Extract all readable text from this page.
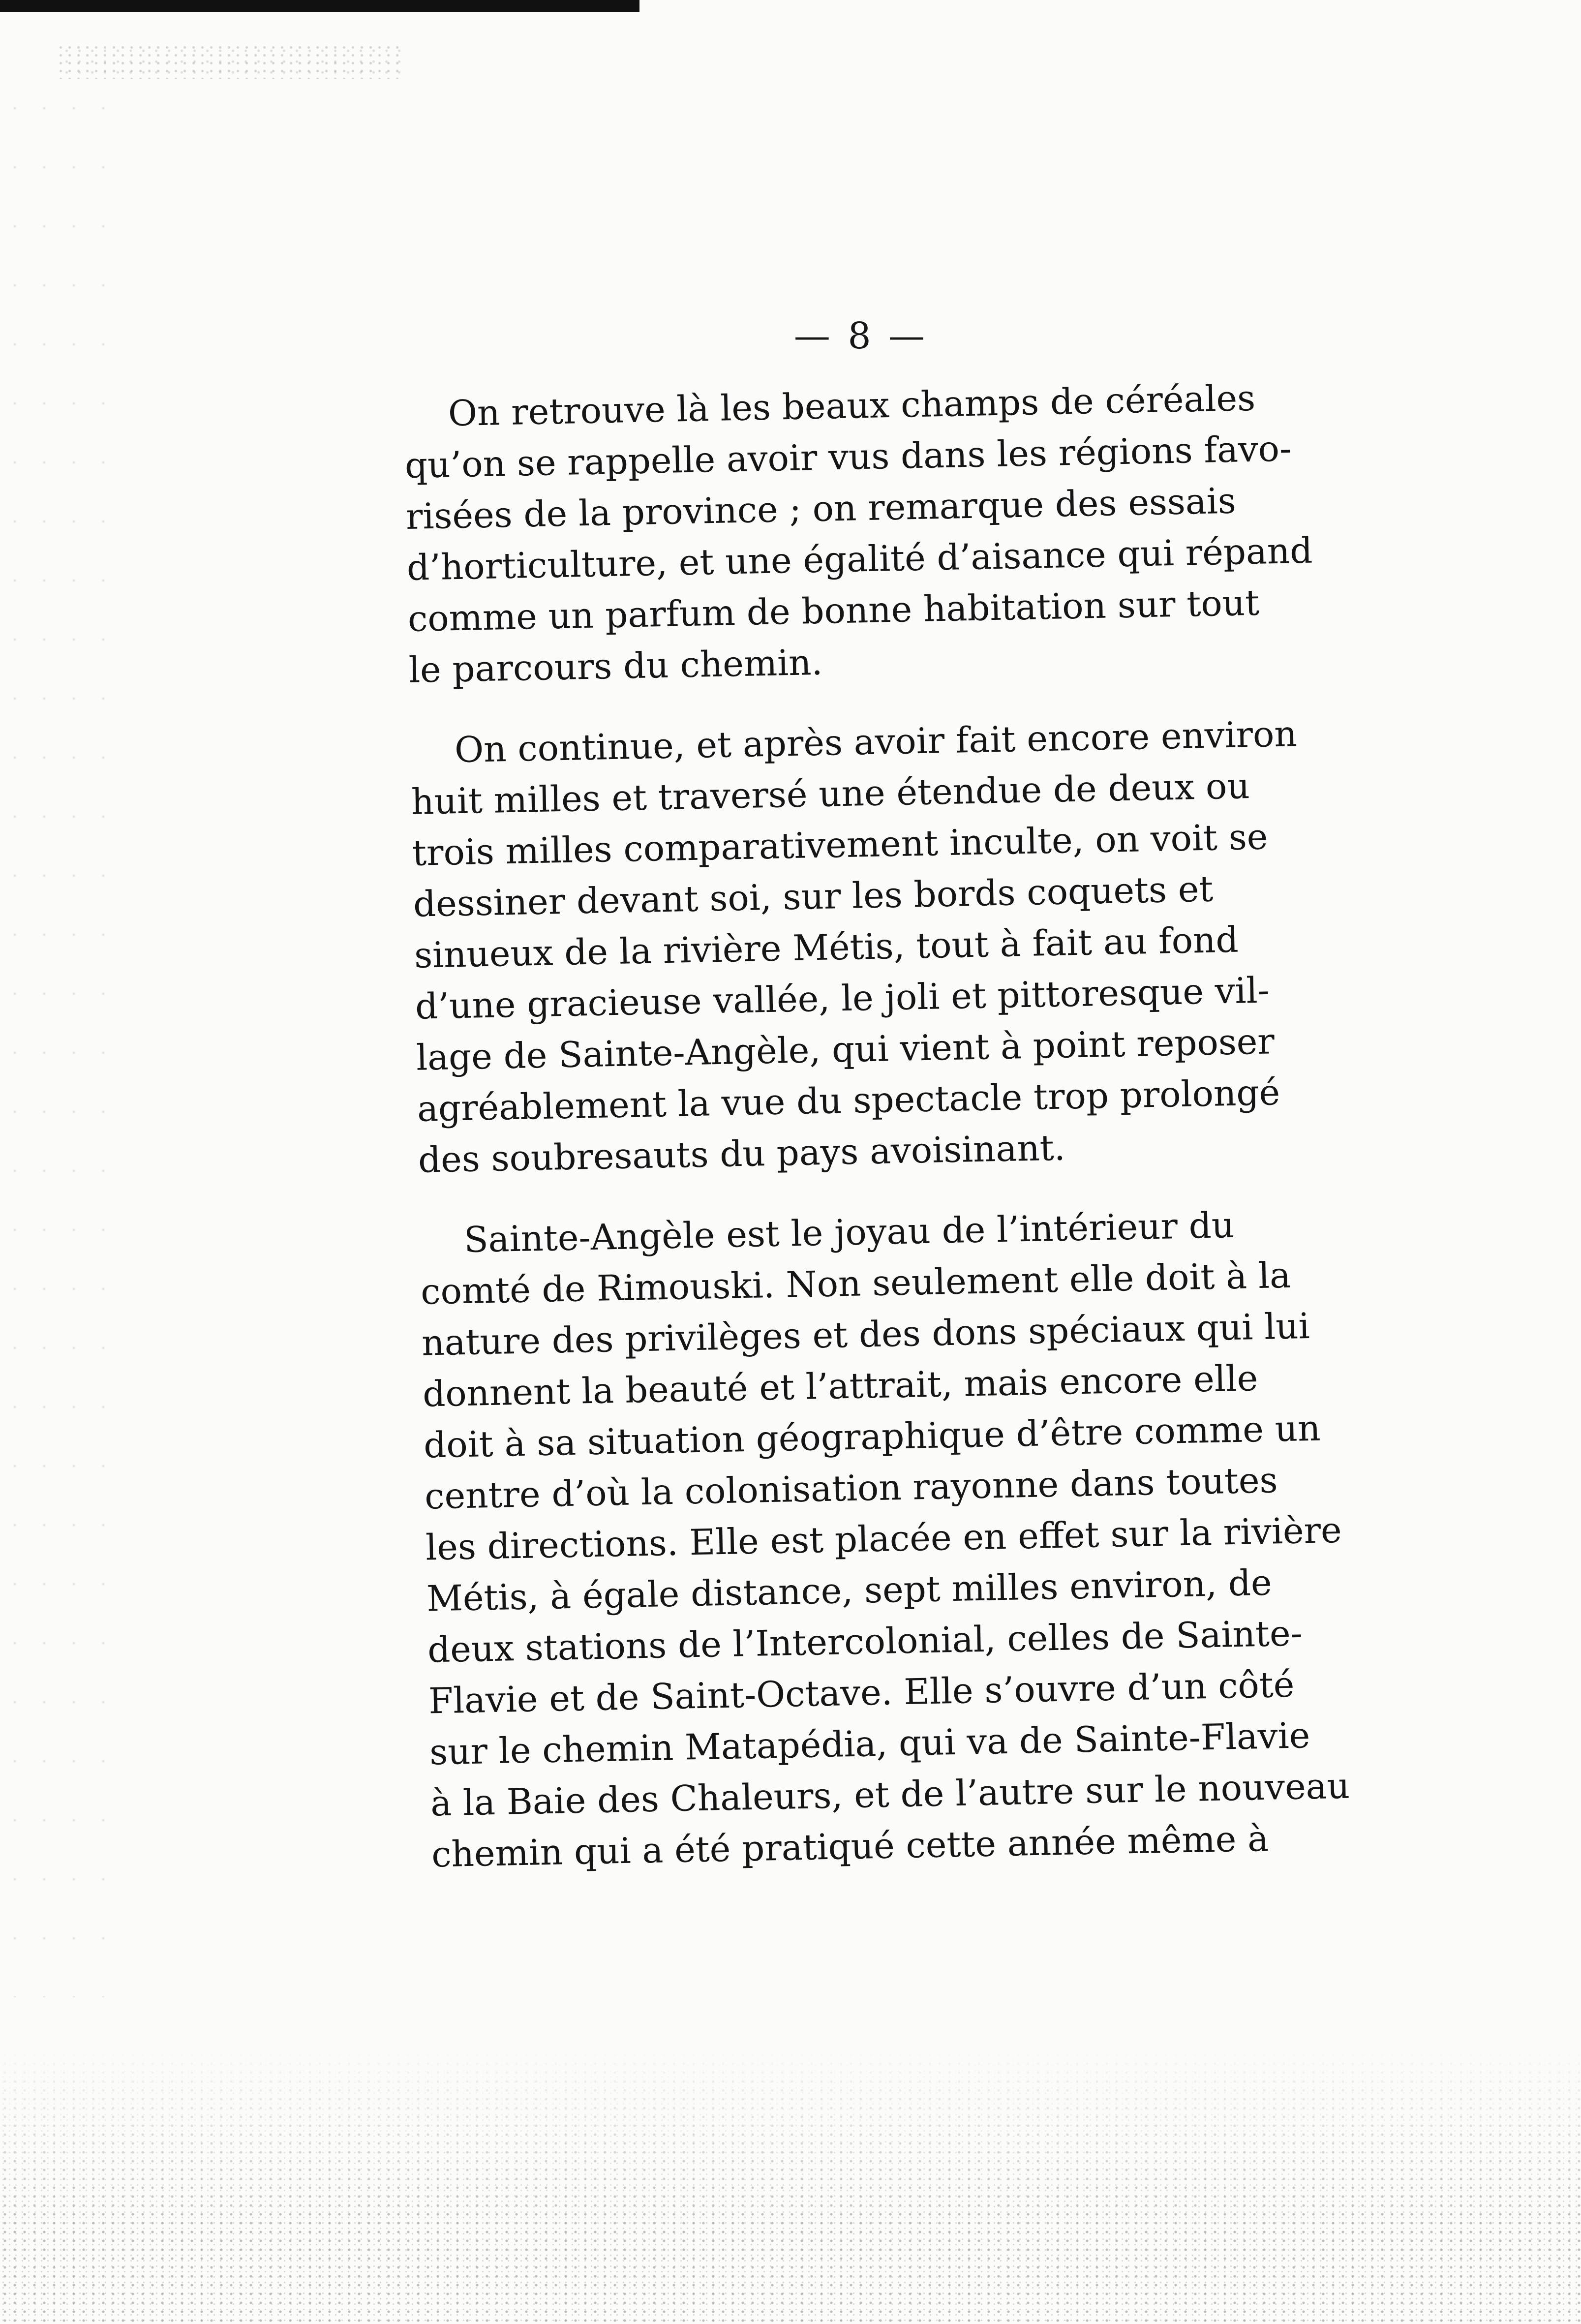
— 8 —

On retrouve là les beaux champs de céréales
qu’on se rappelle avoir vus dans les régions favo-
risées de la province ; on remarque des essais
d’horticulture, et une égalité d’aisance qui répand
comme un parfum de bonne habitation sur tout
le parcours du chemin.

On continue, et après avoir fait encore environ
huit milles et traversé une étendue de deux ou
trois milles comparativement inculte, on voit se
dessiner devant soi, sur les bords coquets et
sinueux de la rivière Métis, tout à fait au fond
d’une gracieuse vallée, le joli et pittoresque vil-
lage de Sainte-Angèle, qui vient à point reposer
agréablement la vue du spectacle trop prolongé
des soubresauts du pays avoisinant.

Sainte-Angèle est le joyau de l’intérieur du
comté de Rimouski. Non seulement elle doit à la
nature des privilèges et des dons spéciaux qui lui
donnent la beauté et l’attrait, mais encore elle
doit à sa situation géographique d’être comme un
centre d’où la colonisation rayonne dans toutes
les directions. Elle est placée en effet sur la rivière
Métis, à égale distance, sept milles environ, de
deux stations de l’Intercolonial, celles de Sainte-
Flavie et de Saint-Octave. Elle s’ouvre d’un côté
sur le chemin Matapédia, qui va de Sainte-Flavie
à la Baie des Chaleurs, et de l’autre sur le nouveau
chemin qui a été pratiqué cette année même à
